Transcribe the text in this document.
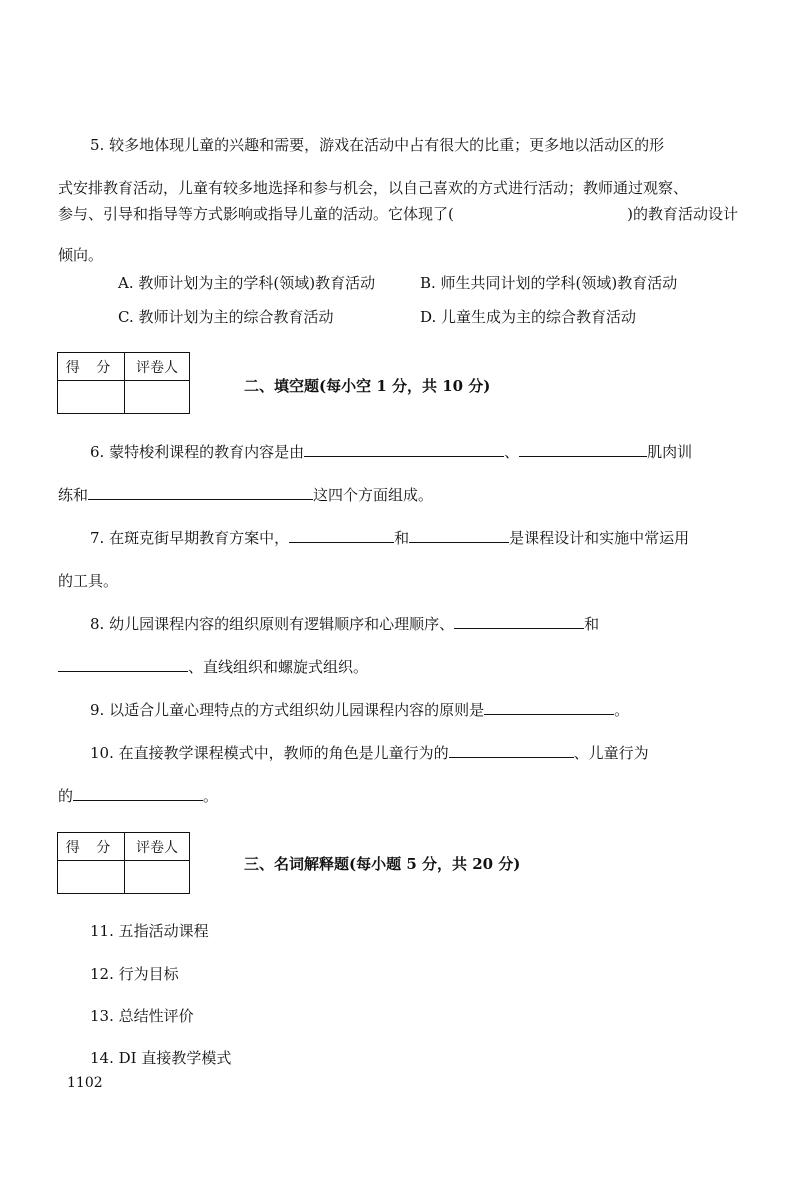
5. 较多地体现儿童的兴趣和需要，游戏在活动中占有很大的比重；更多地以活动区的形
式安排教育活动，儿童有较多地选择和参与机会，以自己喜欢的方式进行活动；教师通过观察、
参与、引导和指导等方式影响或指导儿童的活动。它体现了(	)的教育活动设计
倾向。
A. 教师计划为主的学科(领域)教育活动	B. 师生共同计划的学科(领域)教育活动
C. 教师计划为主的综合教育活动	D. 儿童生成为主的综合教育活动
得 分	评卷人
二、填空题(每小空 1 分，共 10 分)
6. 蒙特梭利课程的教育内容是由	、	肌肉训
练和	这四个方面组成。
7. 在斑克街早期教育方案中，	和	是课程设计和实施中常运用
的工具。
8. 幼儿园课程内容的组织原则有逻辑顺序和心理顺序、	和
、直线组织和螺旋式组织。
9. 以适合儿童心理特点的方式组织幼儿园课程内容的原则是	。
10. 在直接教学课程模式中，教师的角色是儿童行为的	、儿童行为
的	。
得 分	评卷人
三、名词解释题(每小题 5 分，共 20 分)
11. 五指活动课程
12. 行为目标
13. 总结性评价
14. DI 直接教学模式
1102
